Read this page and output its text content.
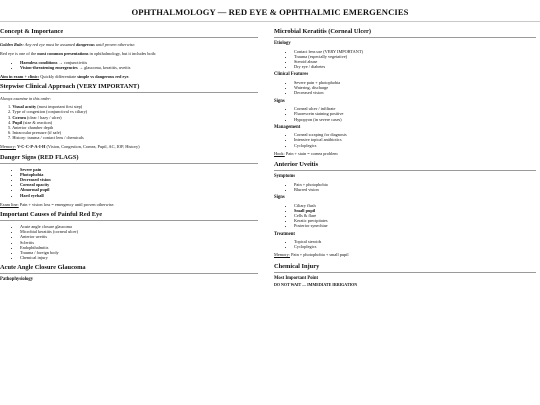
OPHTHALMOLOGY — RED EYE & OPHTHALMIC EMERGENCIES
Concept & Importance

Golden Rule: Any red eye must be assumed dangerous until proven otherwise.

Red eye is one of the most common presentations in ophthalmology, but it includes both:

• Harmless conditions → conjunctivitis
• Vision-threatening emergencies → glaucoma, keratitis, uveitis

Aim in exam + clinic: Quickly differentiate simple vs dangerous red eye.

Stepwise Clinical Approach (VERY IMPORTANT)

Always examine in this order:

1. Visual acuity (most important first step)
2. Type of congestion (conjunctival vs ciliary)
3. Cornea (clear / hazy / ulcer)
4. Pupil (size & reaction)
5. Anterior chamber depth
6. Intraocular pressure (if safe)
7. History: trauma / contact lens / chemicals

Memory: V-C-C-P-A-I-H (Vision, Congestion, Cornea, Pupil, AC, IOP, History)

Danger Signs (RED FLAGS)
• Severe pain
• Photophobia
• Decreased vision
• Corneal opacity
• Abnormal pupil
• Hard eyeball

Exam line: Pain + vision loss = emergency until proven otherwise.

Important Causes of Painful Red Eye
• Acute angle closure glaucoma
• Microbial keratitis (corneal ulcer)
• Anterior uveitis
• Scleritis
• Endophthalmitis
• Trauma / foreign body
• Chemical injury
Acute Angle Closure Glaucoma
Pathophysiology
Microbial Keratitis (Corneal Ulcer)
Etiology
• Contact lens use (VERY IMPORTANT)
• Trauma (especially vegetative)
• Steroid abuse
• Dry eye / diabetes
Clinical Features
• Severe pain + photophobia
• Watering, discharge
• Decreased vision
Signs
• Corneal ulcer / infiltrate
• Fluorescein staining positive
• Hypopyon (in severe cases)
Management
• Corneal scraping for diagnosis
• Intensive topical antibiotics
• Cycloplegics

Hook: Pain + stain = cornea problem

Anterior Uveitis
Symptoms
• Pain + photophobia
• Blurred vision
Signs
• Ciliary flush
• Small pupil
• Cells & flare
• Keratic precipitates
• Posterior synechiae
Treatment
• Topical steroids
• Cycloplegics

Memory: Pain + photophobia + small pupil

Chemical Injury
Most Important Point

DO NOT WAIT — IMMEDIATE IRRIGATION
